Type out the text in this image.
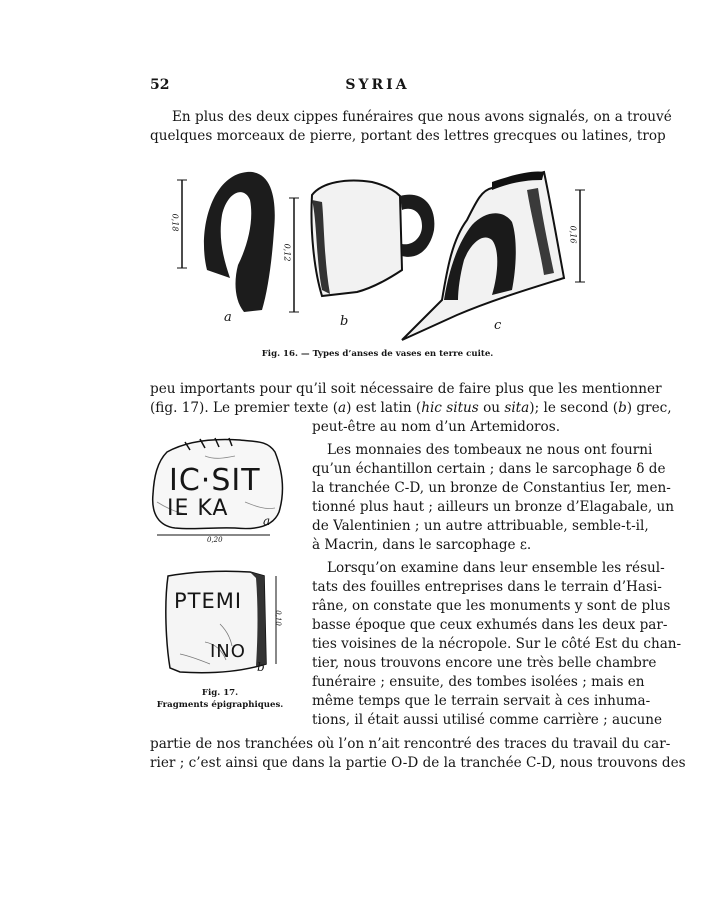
52	SYRIA
En plus des deux cippes funéraires que nous avons signalés, on a trouvé
quelques morceaux de pierre, portant des lettres grecques ou latines, trop
a	b	c
0,18
0,12
0,16
Fig. 16. — Types d’anses de vases en terre cuite.
peu importants pour qu’il soit nécessaire de faire plus que les mentionner
(fig. 17). Le premier texte (a) est latin (hic situs ou sita); le second (b) grec,
peut-être au nom d’un Artemidoros.
Les monnaies des tombeaux ne nous ont fourni
qu’un échantillon certain ; dans le sarcophage δ de
la tranchée C-D, un bronze de Constantius Ier, men-
tionné plus haut ; ailleurs un bronze d’Elagabale, un
de Valentinien ; un autre attribuable, semble-t-il,
à Macrin, dans le sarcophage ε.
Lorsqu’on examine dans leur ensemble les résul-
tats des fouilles entreprises dans le terrain d’Hasi-
râne, on constate que les monuments y sont de plus
basse époque que ceux exhumés dans les deux par-
ties voisines de la nécropole. Sur le côté Est du chan-
tier, nous trouvons encore une très belle chambre
funéraire ; ensuite, des tombes isolées ; mais en
même temps que le terrain servait à ces inhuma-
tions, il était aussi utilisé comme carrière ; aucune
partie de nos tranchées où l’on n’ait rencontré des traces du travail du car-
rier ; c’est ainsi que dans la partie O-D de la tranchée C-D, nous trouvons des
IC·SIT
IE KA	a
0,20
PTEMI
INO
b
0,10
Fig. 17.
Fragments épigraphiques.
